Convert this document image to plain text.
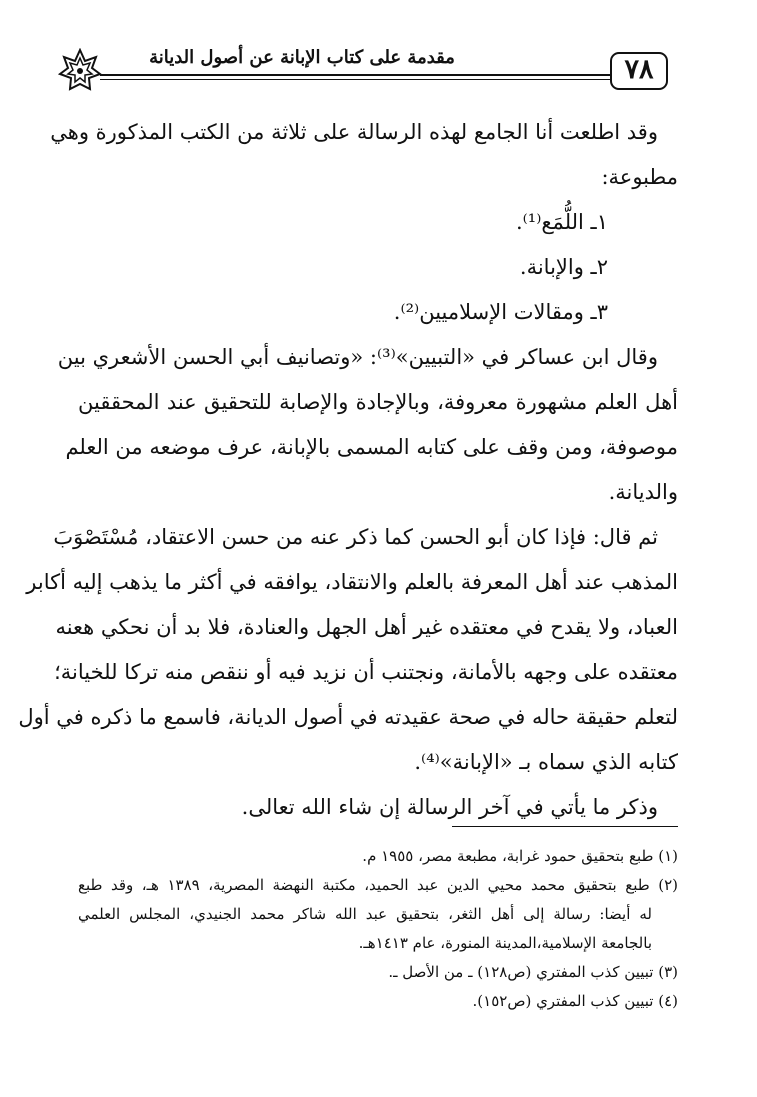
مقدمة على كتاب الإبانة عن أصول الديانة	٧٨
وقد اطلعت أنا الجامع لهذه الرسالة على ثلاثة من الكتب المذكورة وهي
مطبوعة:
١ـ اللُّمَع⁽¹⁾.
٢ـ والإبانة.
٣ـ ومقالات الإسلاميين⁽²⁾.
وقال ابن عساكر في «التبيين»⁽³⁾: «وتصانيف أبي الحسن الأشعري بين
أهل العلم مشهورة معروفة، وبالإجادة والإصابة للتحقيق عند المحققين
موصوفة، ومن وقف على كتابه المسمى بالإبانة، عرف موضعه من العلم
والديانة.
ثم قال: فإذا كان أبو الحسن كما ذكر عنه من حسن الاعتقاد، مُسْتَصْوَبَ
المذهب عند أهل المعرفة بالعلم والانتقاد، يوافقه في أكثر ما يذهب إليه أكابر
العباد، ولا يقدح في معتقده غير أهل الجهل والعنادة، فلا بد أن نحكي هعنه
معتقده على وجهه بالأمانة، ونجتنب أن نزيد فيه أو ننقص منه تركا للخيانة؛
لتعلم حقيقة حاله في صحة عقيدته في أصول الديانة، فاسمع ما ذكره في أول
كتابه الذي سماه بـ «الإبانة»⁽⁴⁾.
وذكر ما يأتي في آخر الرسالة إن شاء الله تعالى.
(١) طبع بتحقيق حمود غرابة، مطبعة مصر، ١٩٥٥ م.
(٢) طبع بتحقيق محمد محيي الدين عبد الحميد، مكتبة النهضة المصرية، ١٣٨٩ هـ، وقد طبع
له أيضا: رسالة إلى أهل الثغر، بتحقيق عبد الله شاكر محمد الجنيدي، المجلس العلمي
بالجامعة الإسلامية،المدينة المنورة، عام ١٤١٣هـ.
(٣) تبيين كذب المفتري (ص١٢٨) ـ من الأصل ـ.
(٤) تبيين كذب المفتري (ص١٥٢).
